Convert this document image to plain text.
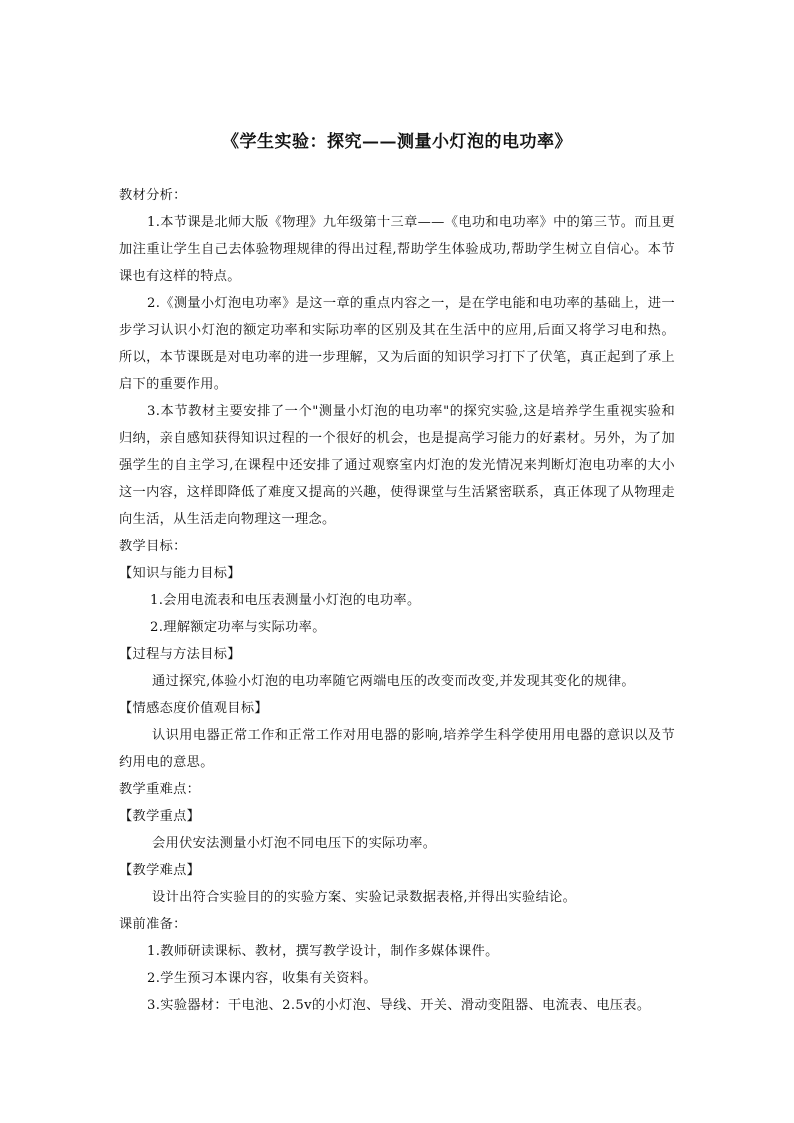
《学生实验：探究——测量小灯泡的电功率》

教材分析：

1.本节课是北师大版《物理》九年级第十三章——《电功和电功率》中的第三节。而且更加注重让学生自己去体验物理规律的得出过程,帮助学生体验成功,帮助学生树立自信心。本节课也有这样的特点。

2.《测量小灯泡电功率》是这一章的重点内容之一，是在学电能和电功率的基础上，进一步学习认识小灯泡的额定功率和实际功率的区别及其在生活中的应用,后面又将学习电和热。所以，本节课既是对电功率的进一步理解，又为后面的知识学习打下了伏笔，真正起到了承上启下的重要作用。

3.本节教材主要安排了一个"测量小灯泡的电功率"的探究实验,这是培养学生重视实验和归纳，亲自感知获得知识过程的一个很好的机会，也是提高学习能力的好素材。另外，为了加强学生的自主学习,在课程中还安排了通过观察室内灯泡的发光情况来判断灯泡电功率的大小这一内容，这样即降低了难度又提高的兴趣，使得课堂与生活紧密联系，真正体现了从物理走向生活，从生活走向物理这一理念。

教学目标：

【知识与能力目标】

1.会用电流表和电压表测量小灯泡的电功率。

2.理解额定功率与实际功率。

【过程与方法目标】

通过探究,体验小灯泡的电功率随它两端电压的改变而改变,并发现其变化的规律。

【情感态度价值观目标】

认识用电器正常工作和正常工作对用电器的影响,培养学生科学使用用电器的意识以及节约用电的意思。

教学重难点：

【教学重点】

会用伏安法测量小灯泡不同电压下的实际功率。

【教学难点】

设计出符合实验目的的实验方案、实验记录数据表格,并得出实验结论。

课前准备：

1.教师研读课标、教材，撰写教学设计，制作多媒体课件。

2.学生预习本课内容，收集有关资料。

3.实验器材：干电池、2.5v的小灯泡、导线、开关、滑动变阻器、电流表、电压表。
